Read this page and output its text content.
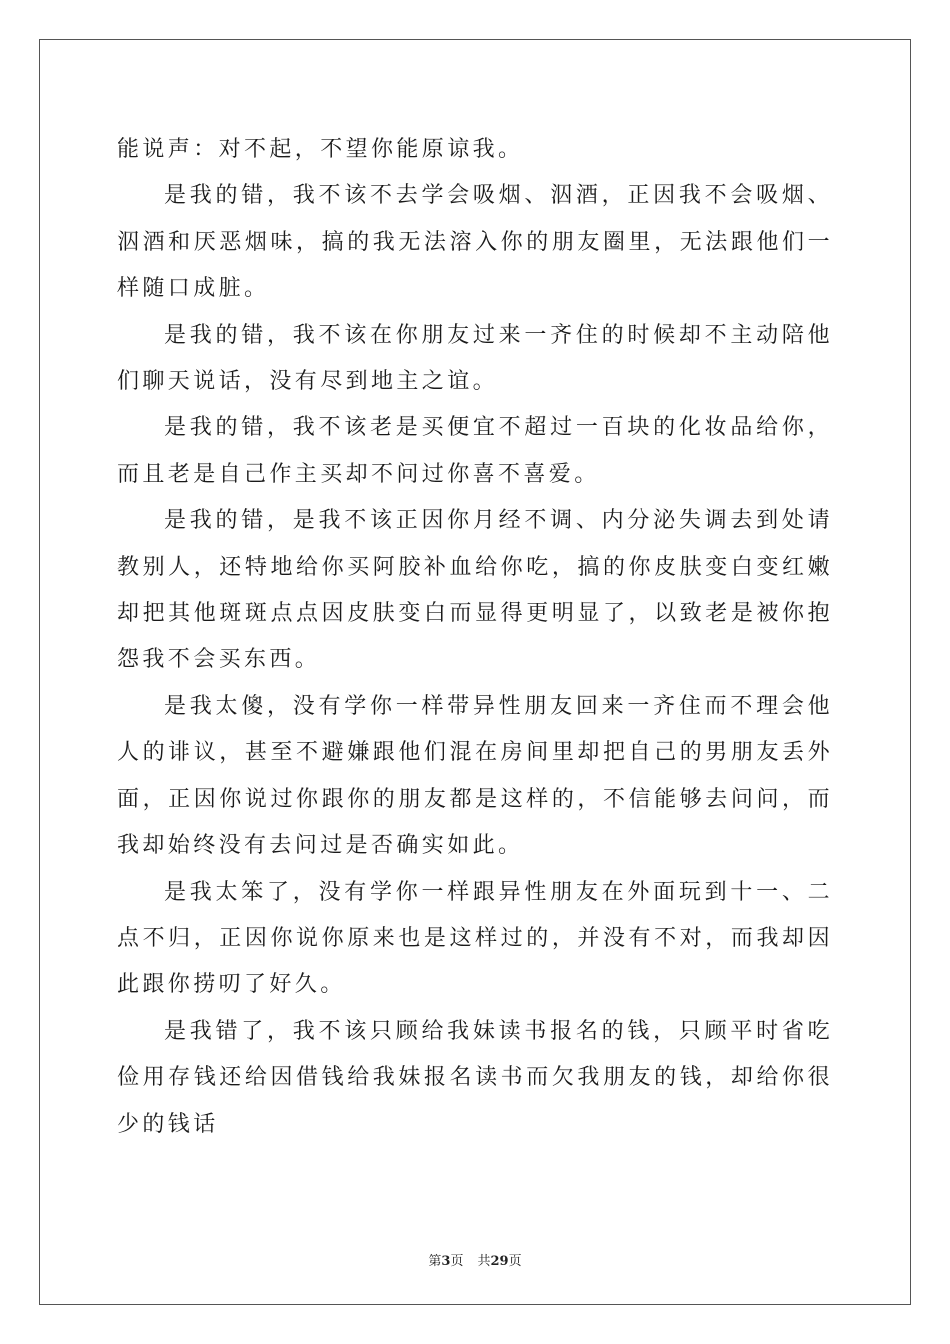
能说声：对不起，不望你能原谅我。

是我的错，我不该不去学会吸烟、泅酒，正因我不会吸烟、泅酒和厌恶烟味，搞的我无法溶入你的朋友圈里，无法跟他们一样随口成脏。

是我的错，我不该在你朋友过来一齐住的时候却不主动陪他们聊天说话，没有尽到地主之谊。

是我的错，我不该老是买便宜不超过一百块的化妆品给你，而且老是自己作主买却不问过你喜不喜爱。

是我的错，是我不该正因你月经不调、内分泌失调去到处请教别人，还特地给你买阿胶补血给你吃，搞的你皮肤变白变红嫩却把其他斑斑点点因皮肤变白而显得更明显了，以致老是被你抱怨我不会买东西。

是我太傻，没有学你一样带异性朋友回来一齐住而不理会他人的诽议，甚至不避嫌跟他们混在房间里却把自己的男朋友丢外面，正因你说过你跟你的朋友都是这样的，不信能够去问问，而我却始终没有去问过是否确实如此。

是我太笨了，没有学你一样跟异性朋友在外面玩到十一、二点不归，正因你说你原来也是这样过的，并没有不对，而我却因此跟你捞叨了好久。

是我错了，我不该只顾给我妹读书报名的钱，只顾平时省吃俭用存钱还给因借钱给我妹报名读书而欠我朋友的钱，却给你很少的钱话

第3页 共29页
